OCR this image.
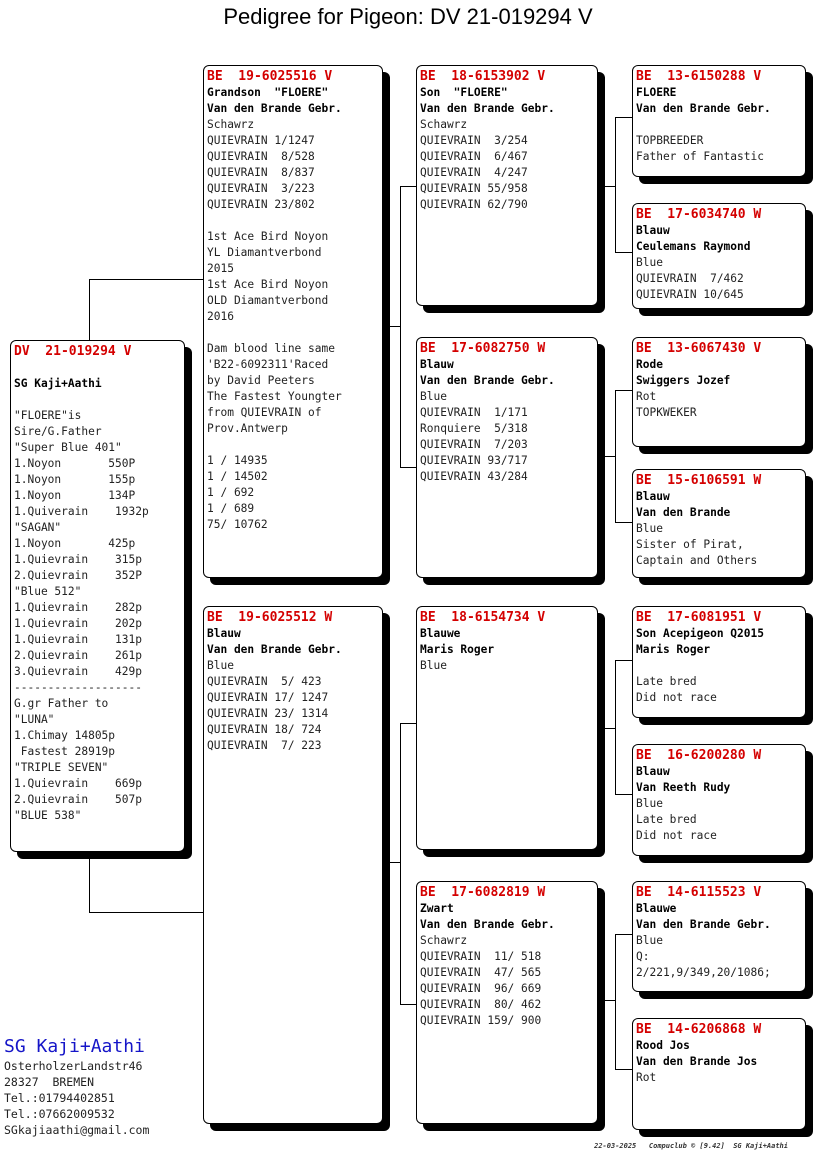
Pedigree for Pigeon: DV 21-019294 V
DV  21-019294 V

SG Kaji+Aathi

"FLOERE"is
Sire/G.Father
"Super Blue 401"
1.Noyon       550P
1.Noyon       155p
1.Noyon       134P
1.Quiverain    1932p
"SAGAN"
1.Noyon       425p
1.Quievrain    315p
2.Quievrain    352P
"Blue 512"
1.Quievrain    282p
1.Quievrain    202p
1.Quievrain    131p
2.Quievrain    261p
3.Quievrain    429p
-------------------
G.gr Father to
"LUNA"
1.Chimay 14805p
Fastest 28919p
"TRIPLE SEVEN"
1.Quievrain    669p
2.Quievrain    507p
"BLUE 538"
BE  19-6025516 V
Grandson  "FLOERE"
Van den Brande Gebr.
Schawrz
QUIEVRAIN 1/1247
QUIEVRAIN  8/528
QUIEVRAIN  8/837
QUIEVRAIN  3/223
QUIEVRAIN 23/802

1st Ace Bird Noyon
YL Diamantverbond
2015
1st Ace Bird Noyon
OLD Diamantverbond
2016

Dam blood line same
'B22-6092311'Raced
by David Peeters
The Fastest Youngter
from QUIEVRAIN of
Prov.Antwerp

1 / 14935
1 / 14502
1 / 692
1 / 689
75/ 10762
BE  19-6025512 W
Blauw
Van den Brande Gebr.
Blue
QUIEVRAIN  5/ 423
QUIEVRAIN 17/ 1247
QUIEVRAIN 23/ 1314
QUIEVRAIN 18/ 724
QUIEVRAIN  7/ 223
BE  18-6153902 V
Son  "FLOERE"
Van den Brande Gebr.
Schawrz
QUIEVRAIN  3/254
QUIEVRAIN  6/467
QUIEVRAIN  4/247
QUIEVRAIN 55/958
QUIEVRAIN 62/790
BE  17-6082750 W
Blauw
Van den Brande Gebr.
Blue
QUIEVRAIN  1/171
Ronquiere  5/318
QUIEVRAIN  7/203
QUIEVRAIN 93/717
QUIEVRAIN 43/284
BE  18-6154734 V
Blauwe
Maris Roger
Blue
BE  17-6082819 W
Zwart
Van den Brande Gebr.
Schawrz
QUIEVRAIN  11/ 518
QUIEVRAIN  47/ 565
QUIEVRAIN  96/ 669
QUIEVRAIN  80/ 462
QUIEVRAIN 159/ 900
BE  13-6150288 V
FLOERE
Van den Brande Gebr.

TOPBREEDER
Father of Fantastic
BE  17-6034740 W
Blauw
Ceulemans Raymond
Blue
QUIEVRAIN  7/462
QUIEVRAIN 10/645
BE  13-6067430 V
Rode
Swiggers Jozef
Rot
TOPKWEKER
BE  15-6106591 W
Blauw
Van den Brande
Blue
Sister of Pirat,
Captain and Others
BE  17-6081951 V
Son Acepigeon Q2015
Maris Roger

Late bred
Did not race
BE  16-6200280 W
Blauw
Van Reeth Rudy
Blue
Late bred
Did not race
BE  14-6115523 V
Blauwe
Van den Brande Gebr.
Blue
Q:
2/221,9/349,20/1086;
BE  14-6206868 W
Rood Jos
Van den Brande Jos
Rot
SG Kaji+Aathi
OsterholzerLandstr46
28327  BREMEN
Tel.:01794402851
Tel.:07662009532
SGkajiaathi@gmail.com
22-03-2025   Compuclub © [9.42]  SG Kaji+Aathi
